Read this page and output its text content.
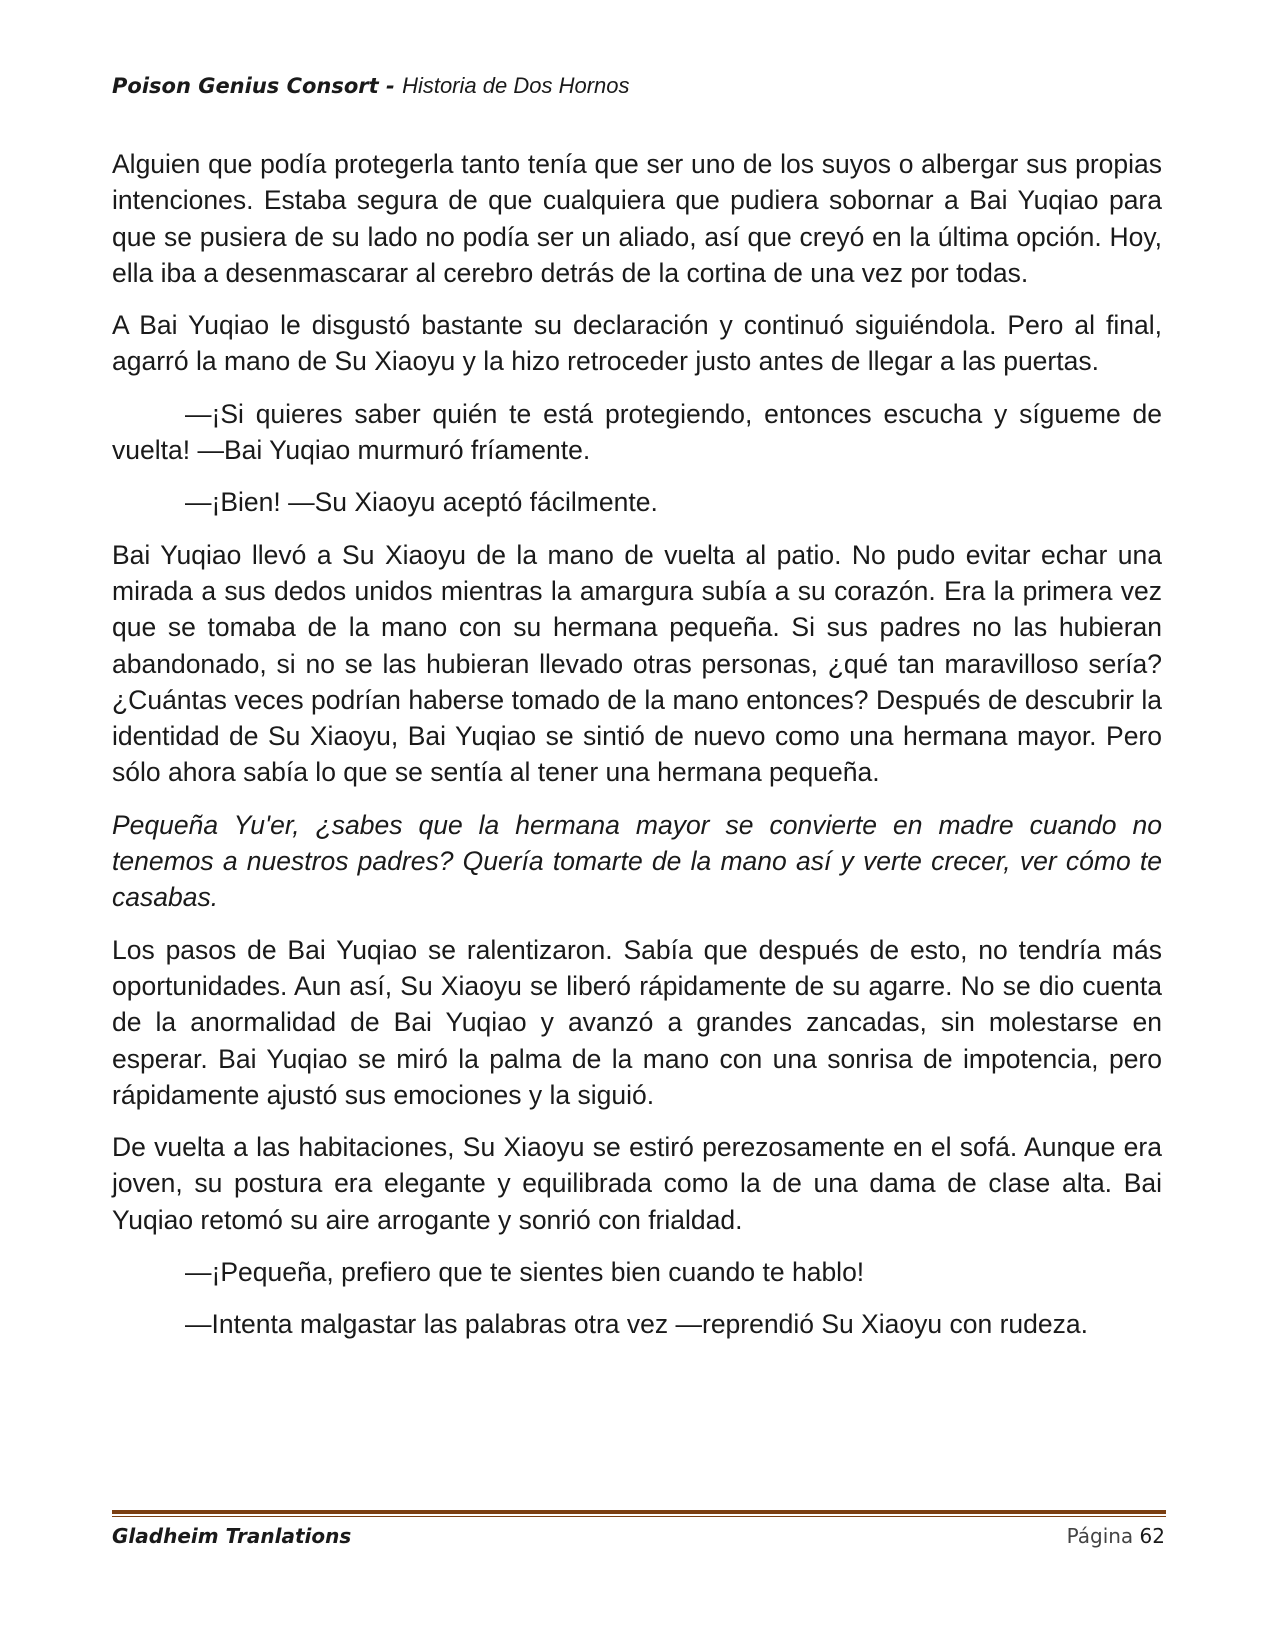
Poison Genius Consort - Historia de Dos Hornos

Alguien que podía protegerla tanto tenía que ser uno de los suyos o albergar sus propias intenciones. Estaba segura de que cualquiera que pudiera sobornar a Bai Yuqiao para que se pusiera de su lado no podía ser un aliado, así que creyó en la última opción. Hoy, ella iba a desenmascarar al cerebro detrás de la cortina de una vez por todas.

A Bai Yuqiao le disgustó bastante su declaración y continuó siguiéndola. Pero al final, agarró la mano de Su Xiaoyu y la hizo retroceder justo antes de llegar a las puertas.

—¡Si quieres saber quién te está protegiendo, entonces escucha y sígueme de vuelta! —Bai Yuqiao murmuró fríamente.

—¡Bien! —Su Xiaoyu aceptó fácilmente.

Bai Yuqiao llevó a Su Xiaoyu de la mano de vuelta al patio. No pudo evitar echar una mirada a sus dedos unidos mientras la amargura subía a su corazón. Era la primera vez que se tomaba de la mano con su hermana pequeña. Si sus padres no las hubieran abandonado, si no se las hubieran llevado otras personas, ¿qué tan maravilloso sería? ¿Cuántas veces podrían haberse tomado de la mano entonces? Después de descubrir la identidad de Su Xiaoyu, Bai Yuqiao se sintió de nuevo como una hermana mayor. Pero sólo ahora sabía lo que se sentía al tener una hermana pequeña.

Pequeña Yu'er, ¿sabes que la hermana mayor se convierte en madre cuando no tenemos a nuestros padres? Quería tomarte de la mano así y verte crecer, ver cómo te casabas.

Los pasos de Bai Yuqiao se ralentizaron. Sabía que después de esto, no tendría más oportunidades. Aun así, Su Xiaoyu se liberó rápidamente de su agarre. No se dio cuenta de la anormalidad de Bai Yuqiao y avanzó a grandes zancadas, sin molestarse en esperar. Bai Yuqiao se miró la palma de la mano con una sonrisa de impotencia, pero rápidamente ajustó sus emociones y la siguió.

De vuelta a las habitaciones, Su Xiaoyu se estiró perezosamente en el sofá. Aunque era joven, su postura era elegante y equilibrada como la de una dama de clase alta. Bai Yuqiao retomó su aire arrogante y sonrió con frialdad.

—¡Pequeña, prefiero que te sientes bien cuando te hablo!

—Intenta malgastar las palabras otra vez —reprendió Su Xiaoyu con rudeza.

Gladheim Tranlations	Página 62
